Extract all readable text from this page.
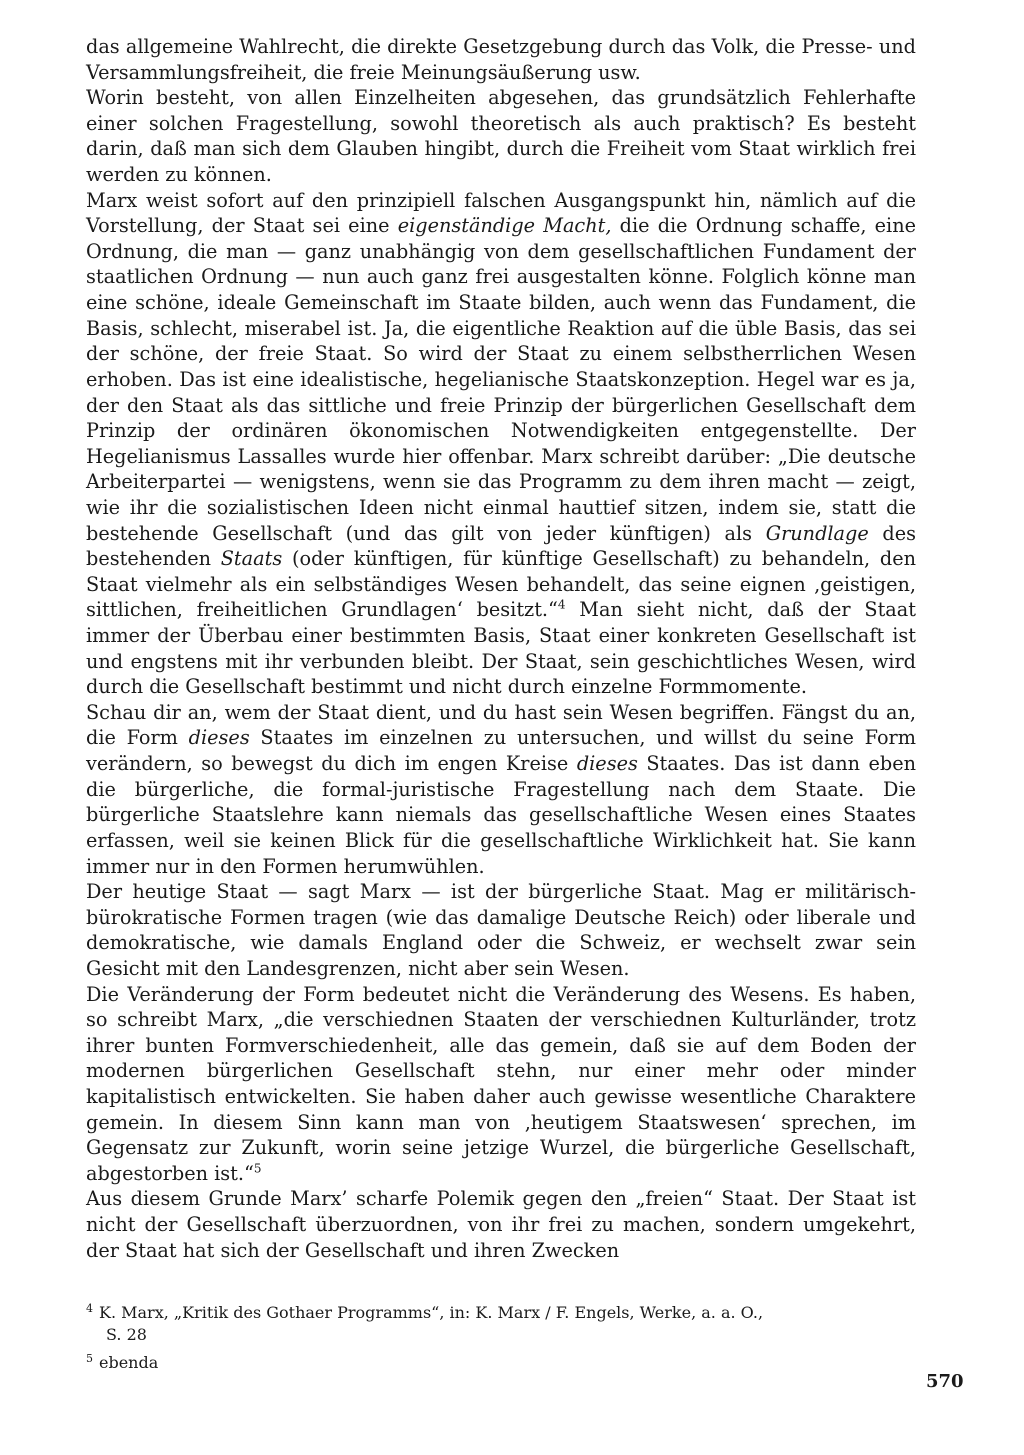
das allgemeine Wahlrecht, die direkte Gesetzgebung durch das Volk, die Presse- und Versammlungsfreiheit, die freie Meinungsäußerung usw.

Worin besteht, von allen Einzelheiten abgesehen, das grundsätzlich Fehlerhafte einer solchen Fragestellung, sowohl theoretisch als auch praktisch? Es besteht darin, daß man sich dem Glauben hingibt, durch die Freiheit vom Staat wirklich frei werden zu können.

Marx weist sofort auf den prinzipiell falschen Ausgangspunkt hin, nämlich auf die Vorstellung, der Staat sei eine eigenständige Macht, die die Ordnung schaffe, eine Ordnung, die man — ganz unabhängig von dem gesellschaftlichen Fundament der staatlichen Ordnung — nun auch ganz frei ausgestalten könne. Folglich könne man eine schöne, ideale Gemeinschaft im Staate bilden, auch wenn das Fundament, die Basis, schlecht, miserabel ist. Ja, die eigentliche Reaktion auf die üble Basis, das sei der schöne, der freie Staat. So wird der Staat zu einem selbstherrlichen Wesen erhoben. Das ist eine idealistische, hegelianische Staatskonzeption. Hegel war es ja, der den Staat als das sittliche und freie Prinzip der bürgerlichen Gesellschaft dem Prinzip der ordinären ökonomischen Notwendigkeiten entgegenstellte. Der Hegelianismus Lassalles wurde hier offenbar. Marx schreibt darüber: „Die deutsche Arbeiterpartei — wenigstens, wenn sie das Programm zu dem ihren macht — zeigt, wie ihr die sozialistischen Ideen nicht einmal hauttief sitzen, indem sie, statt die bestehende Gesellschaft (und das gilt von jeder künftigen) als Grundlage des bestehenden Staats (oder künftigen, für künftige Gesellschaft) zu behandeln, den Staat vielmehr als ein selbständiges Wesen behandelt, das seine eignen ‚geistigen, sittlichen, freiheitlichen Grundlagen‘ besitzt.“$^4$ Man sieht nicht, daß der Staat immer der Überbau einer bestimmten Basis, Staat einer konkreten Gesellschaft ist und engstens mit ihr verbunden bleibt. Der Staat, sein geschichtliches Wesen, wird durch die Gesellschaft bestimmt und nicht durch einzelne Formmomente.

Schau dir an, wem der Staat dient, und du hast sein Wesen begriffen. Fängst du an, die Form dieses Staates im einzelnen zu untersuchen, und willst du seine Form verändern, so bewegst du dich im engen Kreise dieses Staates. Das ist dann eben die bürgerliche, die formal-juristische Fragestellung nach dem Staate. Die bürgerliche Staatslehre kann niemals das gesellschaftliche Wesen eines Staates erfassen, weil sie keinen Blick für die gesellschaftliche Wirklichkeit hat. Sie kann immer nur in den Formen herumwühlen.

Der heutige Staat — sagt Marx — ist der bürgerliche Staat. Mag er militärisch-bürokratische Formen tragen (wie das damalige Deutsche Reich) oder liberale und demokratische, wie damals England oder die Schweiz, er wechselt zwar sein Gesicht mit den Landesgrenzen, nicht aber sein Wesen.

Die Veränderung der Form bedeutet nicht die Veränderung des Wesens. Es haben, so schreibt Marx, „die verschiednen Staaten der verschiednen Kulturländer, trotz ihrer bunten Formverschiedenheit, alle das gemein, daß sie auf dem Boden der modernen bürgerlichen Gesellschaft stehn, nur einer mehr oder minder kapitalistisch entwickelten. Sie haben daher auch gewisse wesentliche Charaktere gemein. In diesem Sinn kann man von ‚heutigem Staatswesen‘ sprechen, im Gegensatz zur Zukunft, worin seine jetzige Wurzel, die bürgerliche Gesellschaft, abgestorben ist.“$^5$

Aus diesem Grunde Marx’ scharfe Polemik gegen den „freien“ Staat. Der Staat ist nicht der Gesellschaft überzuordnen, von ihr frei zu machen, sondern umgekehrt, der Staat hat sich der Gesellschaft und ihren Zwecken

$^4$ K. Marx, „Kritik des Gothaer Programms“, in: K. Marx / F. Engels, Werke, a. a. O.,
S. 28
$^5$ ebenda
570
